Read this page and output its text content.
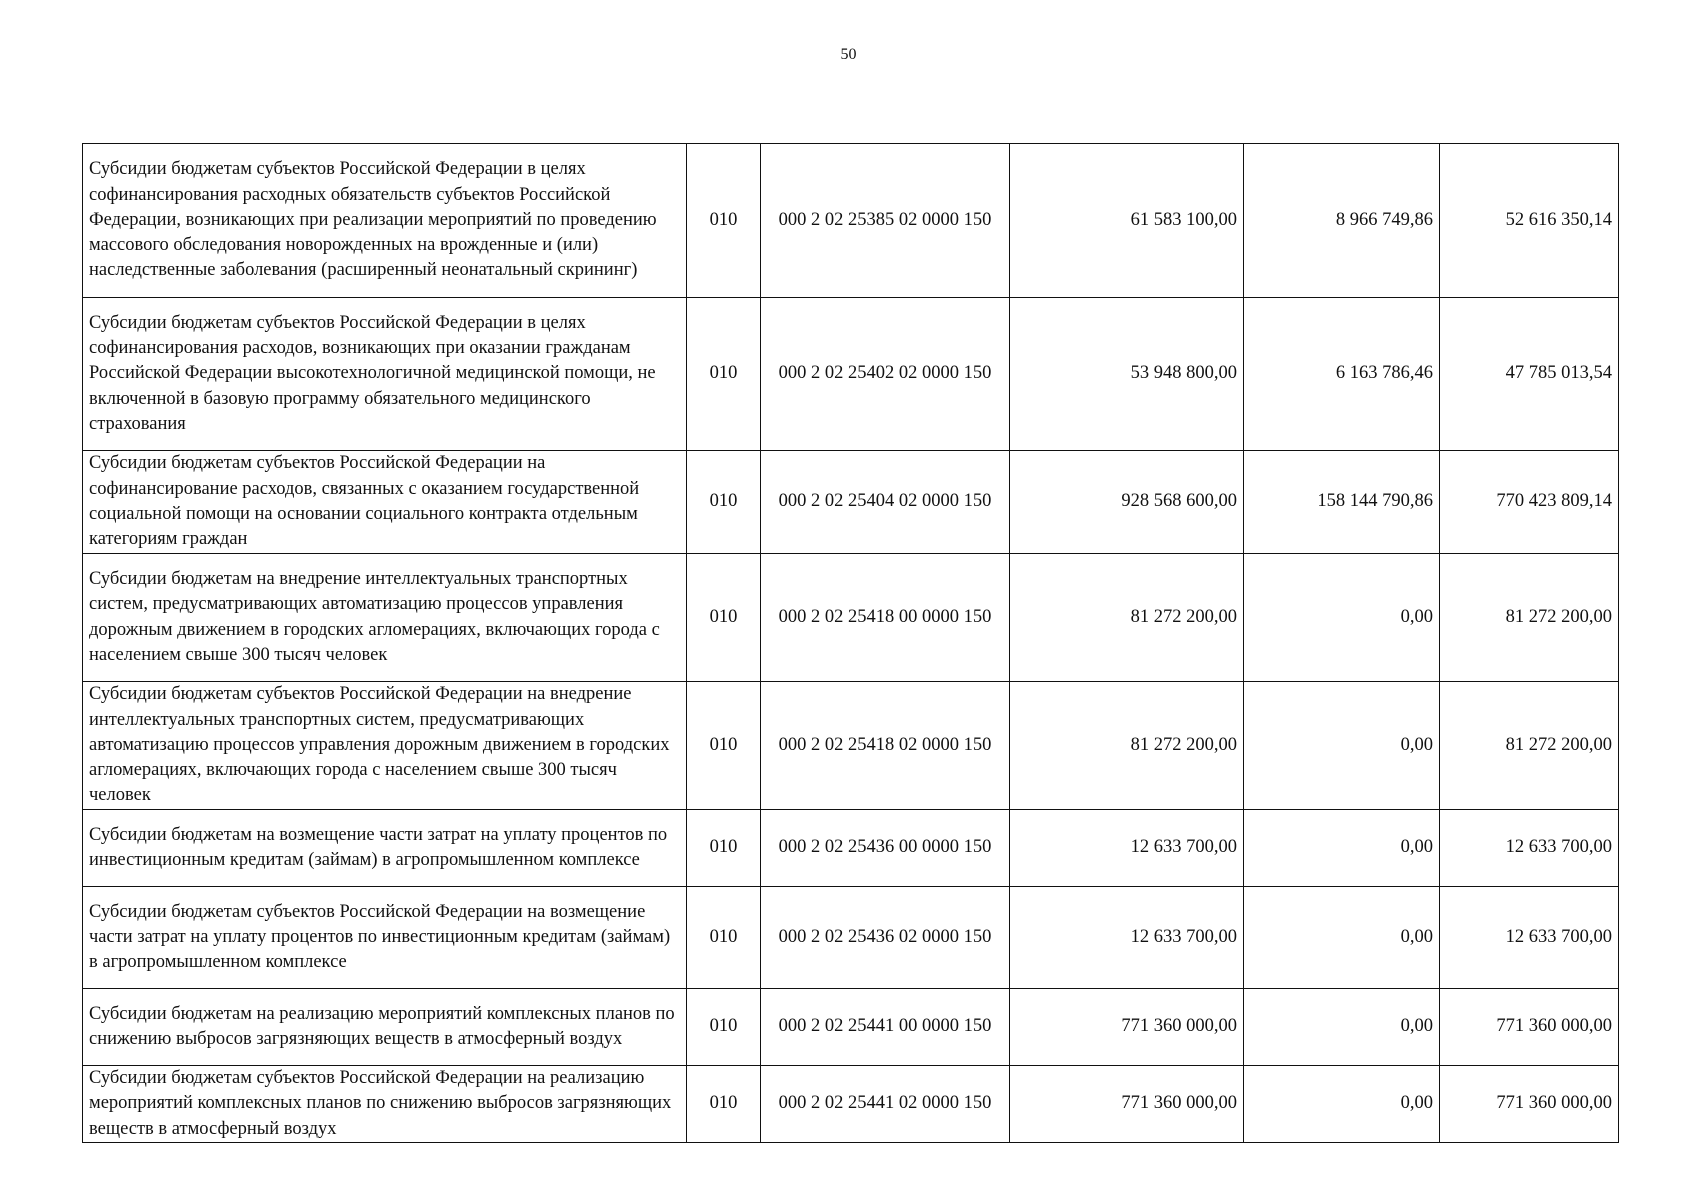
50
Субсидии бюджетам субъектов Российской Федерации в целях софинансирования расходных обязательств субъектов Российской Федерации, возникающих при реализации мероприятий по проведению массового обследования новорожденных на врожденные и (или) наследственные заболевания (расширенный неонатальный скрининг)	010	000 2 02 25385 02 0000 150	61 583 100,00	8 966 749,86	52 616 350,14
Субсидии бюджетам субъектов Российской Федерации в целях софинансирования расходов, возникающих при оказании гражданам Российской Федерации высокотехнологичной медицинской помощи, не включенной в базовую программу обязательного медицинского страхования	010	000 2 02 25402 02 0000 150	53 948 800,00	6 163 786,46	47 785 013,54
Субсидии бюджетам субъектов Российской Федерации на софинансирование расходов, связанных с оказанием государственной социальной помощи на основании социального контракта отдельным категориям граждан	010	000 2 02 25404 02 0000 150	928 568 600,00	158 144 790,86	770 423 809,14
Субсидии бюджетам на внедрение интеллектуальных транспортных систем, предусматривающих автоматизацию процессов управления дорожным движением в городских агломерациях, включающих города с населением свыше 300 тысяч человек	010	000 2 02 25418 00 0000 150	81 272 200,00	0,00	81 272 200,00
Субсидии бюджетам субъектов Российской Федерации на внедрение интеллектуальных транспортных систем, предусматривающих автоматизацию процессов управления дорожным движением в городских агломерациях, включающих города с населением свыше 300 тысяч человек	010	000 2 02 25418 02 0000 150	81 272 200,00	0,00	81 272 200,00
Субсидии бюджетам на возмещение части затрат на уплату процентов по инвестиционным кредитам (займам) в агропромышленном комплексе	010	000 2 02 25436 00 0000 150	12 633 700,00	0,00	12 633 700,00
Субсидии бюджетам субъектов Российской Федерации на возмещение части затрат на уплату процентов по инвестиционным кредитам (займам) в агропромышленном комплексе	010	000 2 02 25436 02 0000 150	12 633 700,00	0,00	12 633 700,00
Субсидии бюджетам на реализацию мероприятий комплексных планов по снижению выбросов загрязняющих веществ в атмосферный воздух	010	000 2 02 25441 00 0000 150	771 360 000,00	0,00	771 360 000,00
Субсидии бюджетам субъектов Российской Федерации на реализацию мероприятий комплексных планов по снижению выбросов загрязняющих веществ в атмосферный воздух	010	000 2 02 25441 02 0000 150	771 360 000,00	0,00	771 360 000,00
